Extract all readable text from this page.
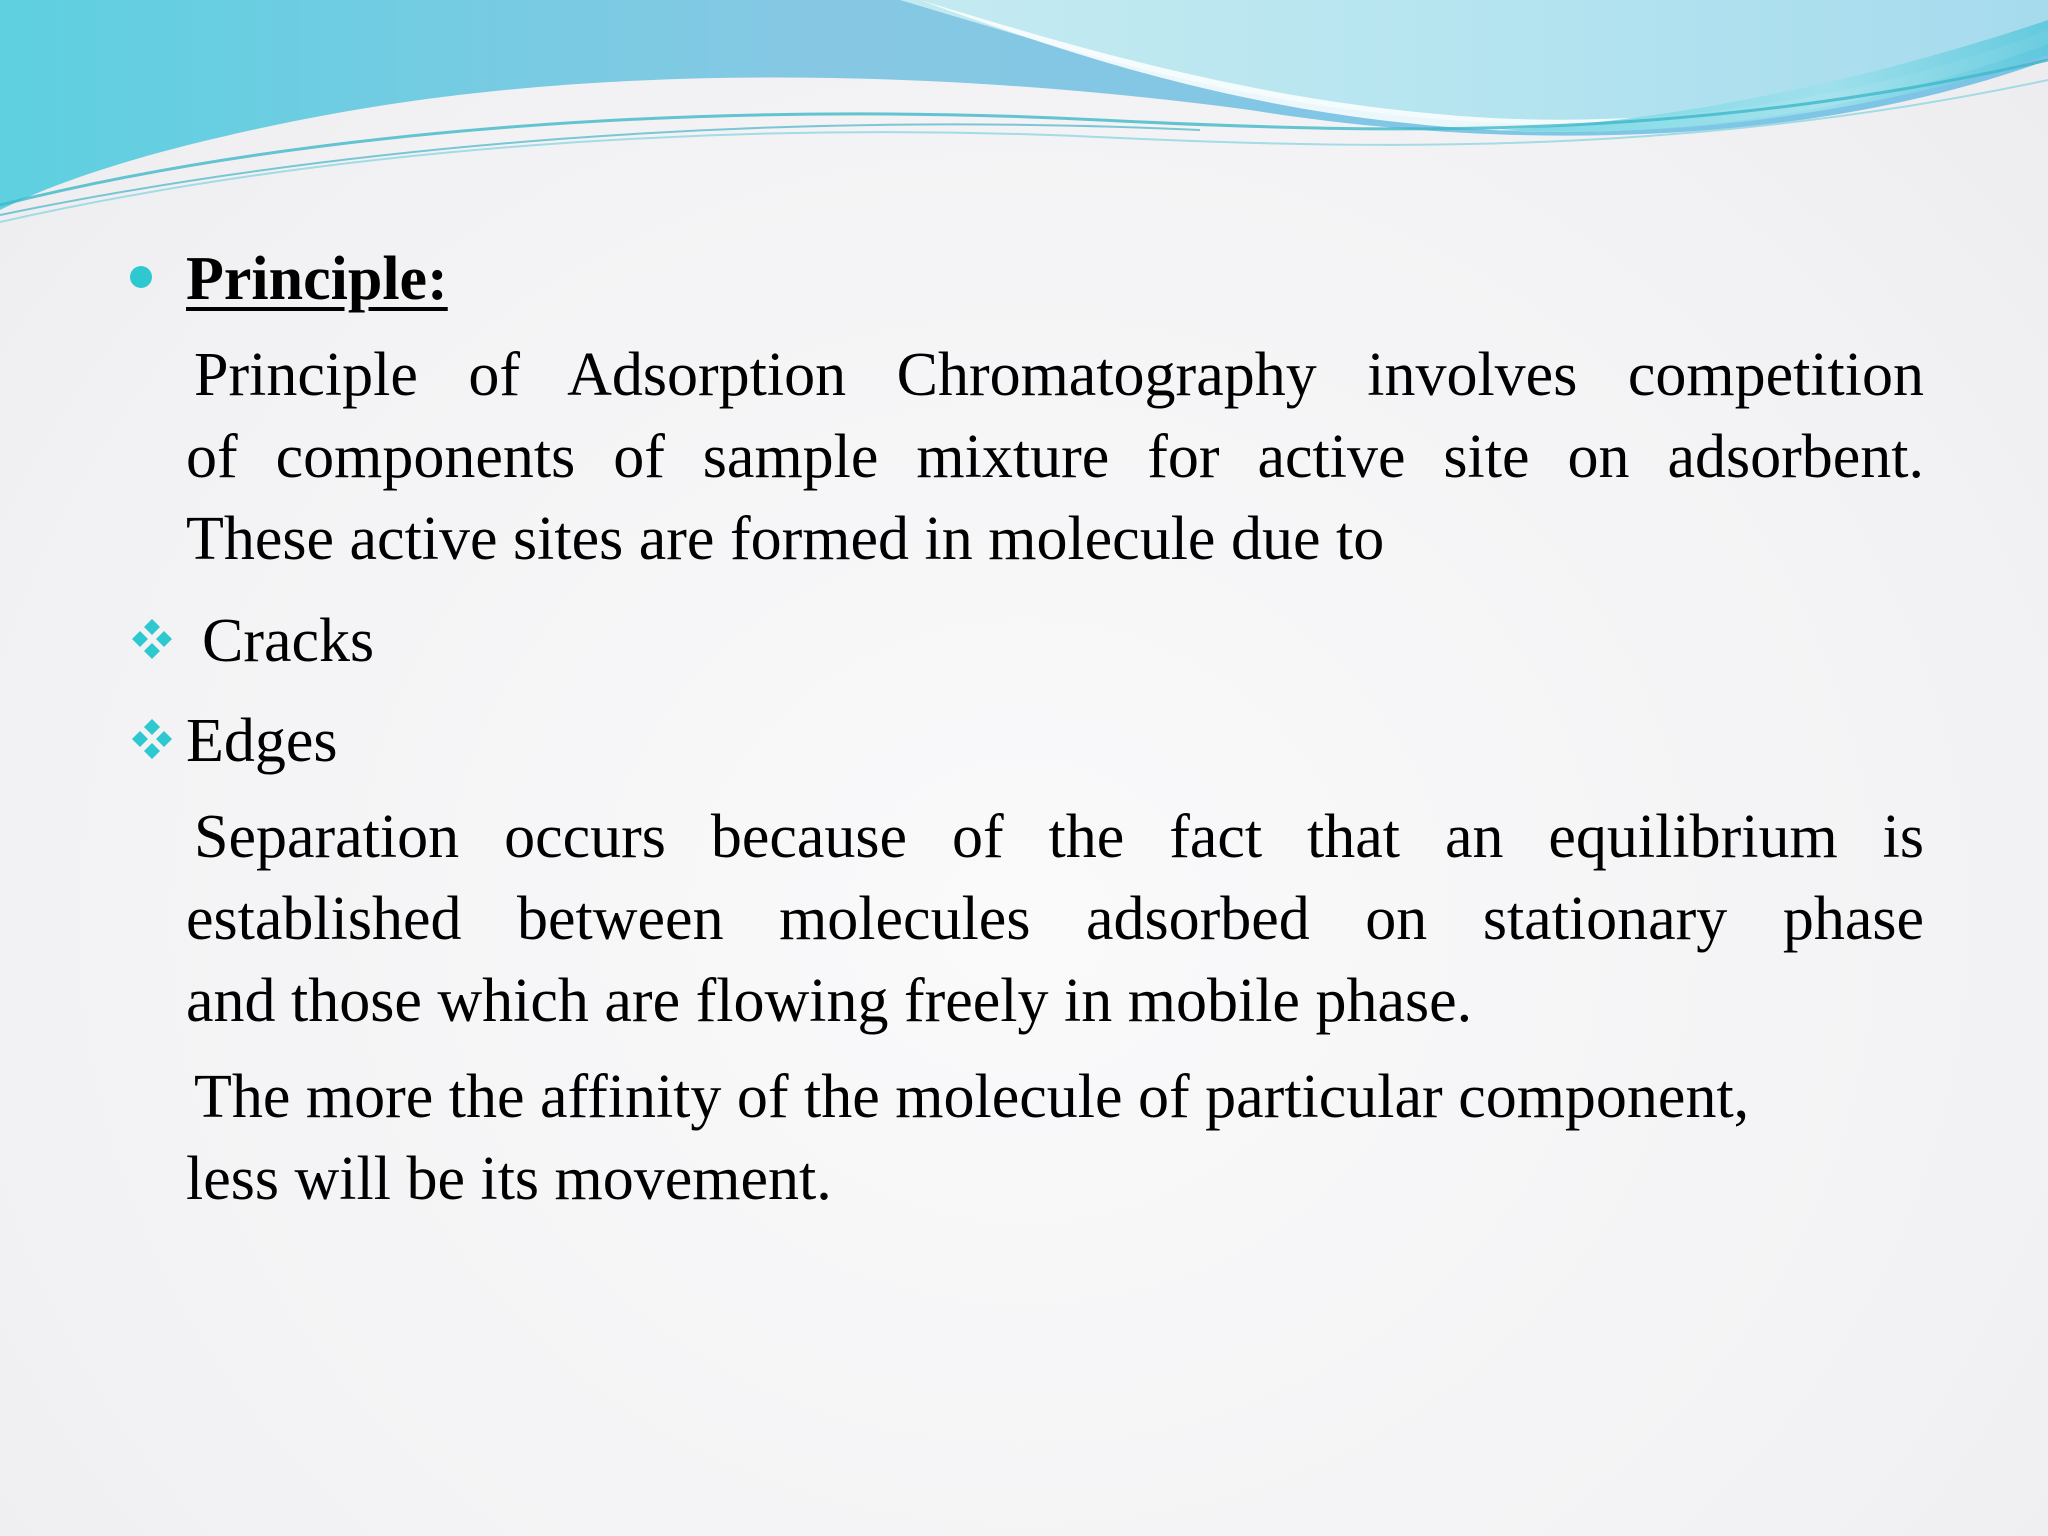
Principle:
Principle of Adsorption Chromatography involves competition
of components of sample mixture for active site on adsorbent.
These active sites are formed in molecule due to
Cracks
Edges
Separation occurs because of the fact that an equilibrium is
established between molecules adsorbed on stationary phase
and those which are flowing freely in mobile phase.
The more the affinity of the molecule of particular component,
less will be its movement.
